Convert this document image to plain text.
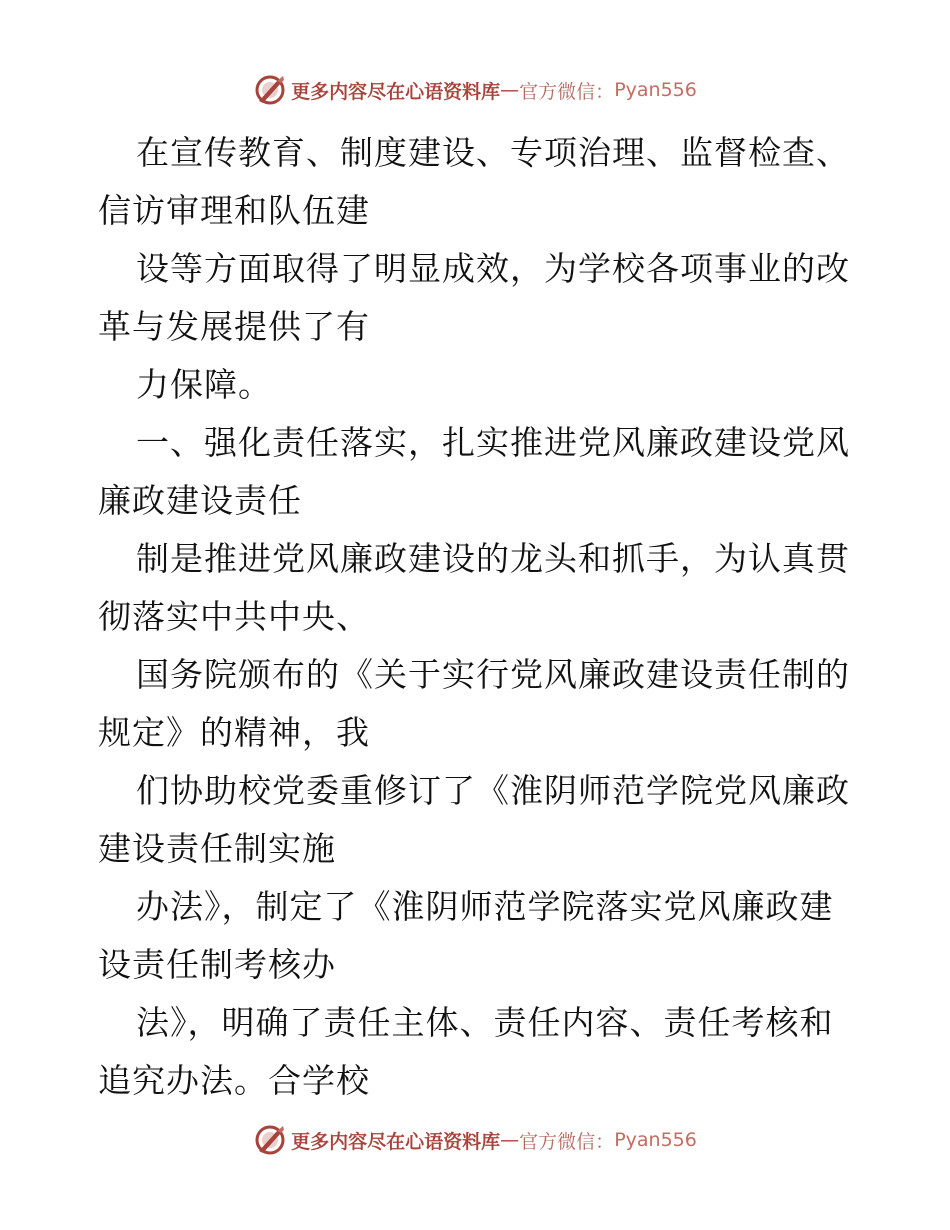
更多内容尽在心语资料库 — 官方微信： Pyan556
在宣传教育、制度建设、专项治理、监督检查、
信访审理和队伍建
设等方面取得了明显成效，为学校各项事业的改
革与发展提供了有
力保障。
一、强化责任落实，扎实推进党风廉政建设党风
廉政建设责任
制是推进党风廉政建设的龙头和抓手，为认真贯
彻落实中共中央、
国务院颁布的《关于实行党风廉政建设责任制的
规定》的精神，我
们协助校党委重修订了《淮阴师范学院党风廉政
建设责任制实施
办法》，制定了《淮阴师范学院落实党风廉政建
设责任制考核办
法》，明确了责任主体、责任内容、责任考核和
追究办法。合学校
更多内容尽在心语资料库 — 官方微信： Pyan556
